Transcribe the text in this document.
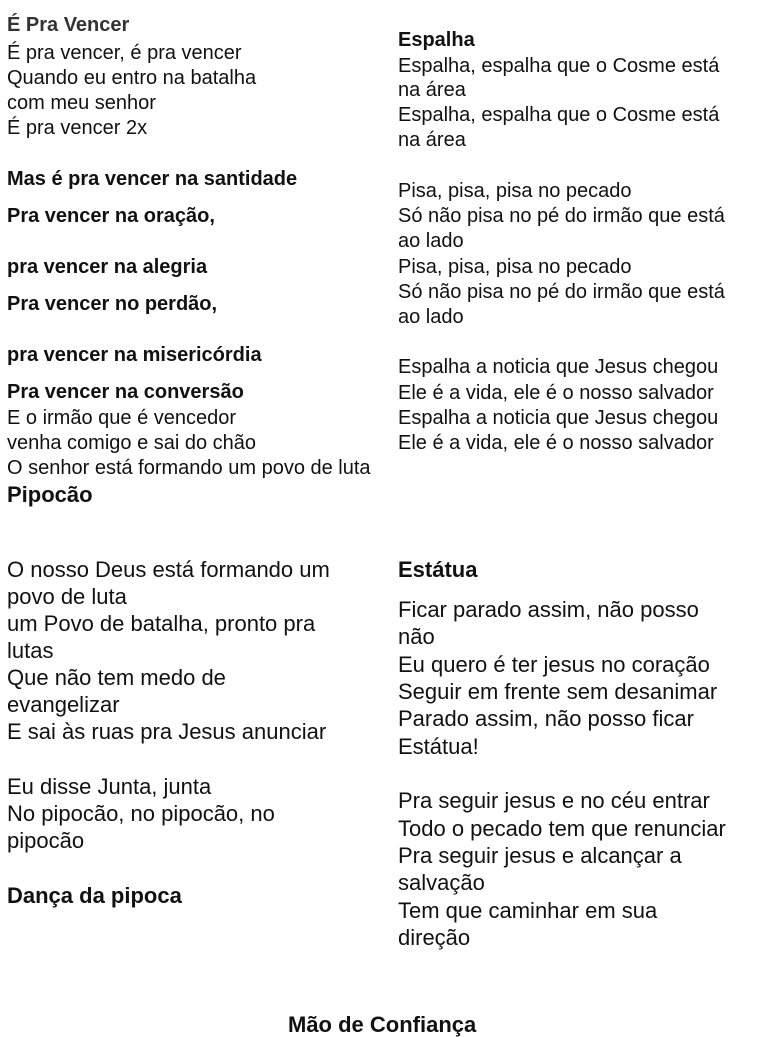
É Pra Vencer
É pra vencer, é pra vencer
Quando eu entro na batalha
com meu senhor
É pra vencer 2x
Mas é pra vencer na santidade
Pra vencer na oração,
pra vencer na alegria
Pra vencer no perdão,
pra vencer na misericórdia
Pra vencer na conversão
E o irmão que é vencedor
venha comigo e sai do chão
O senhor está formando um povo de luta
Pipocão
O nosso Deus está formando um
povo de luta
um Povo de batalha, pronto pra
lutas
Que não tem medo de
evangelizar
E sai às ruas pra Jesus anunciar
Eu disse Junta, junta
No pipocão, no pipocão, no
pipocão
Dança da pipoca
Espalha
Espalha, espalha que o Cosme está
na área
Espalha, espalha que o Cosme está
na área
Pisa, pisa, pisa no pecado
Só não pisa no pé do irmão que está
ao lado
Pisa, pisa, pisa no pecado
Só não pisa no pé do irmão que está
ao lado
Espalha a noticia que Jesus chegou
Ele é a vida, ele é o nosso salvador
Espalha a noticia que Jesus chegou
Ele é a vida, ele é o nosso salvador
Estátua
Ficar parado assim, não posso
não
Eu quero é ter jesus no coração
Seguir em frente sem desanimar
Parado assim, não posso ficar
Estátua!
Pra seguir jesus e no céu entrar
Todo o pecado tem que renunciar
Pra seguir jesus e alcançar a
salvação
Tem que caminhar em sua
direção
Mão de Confiança
